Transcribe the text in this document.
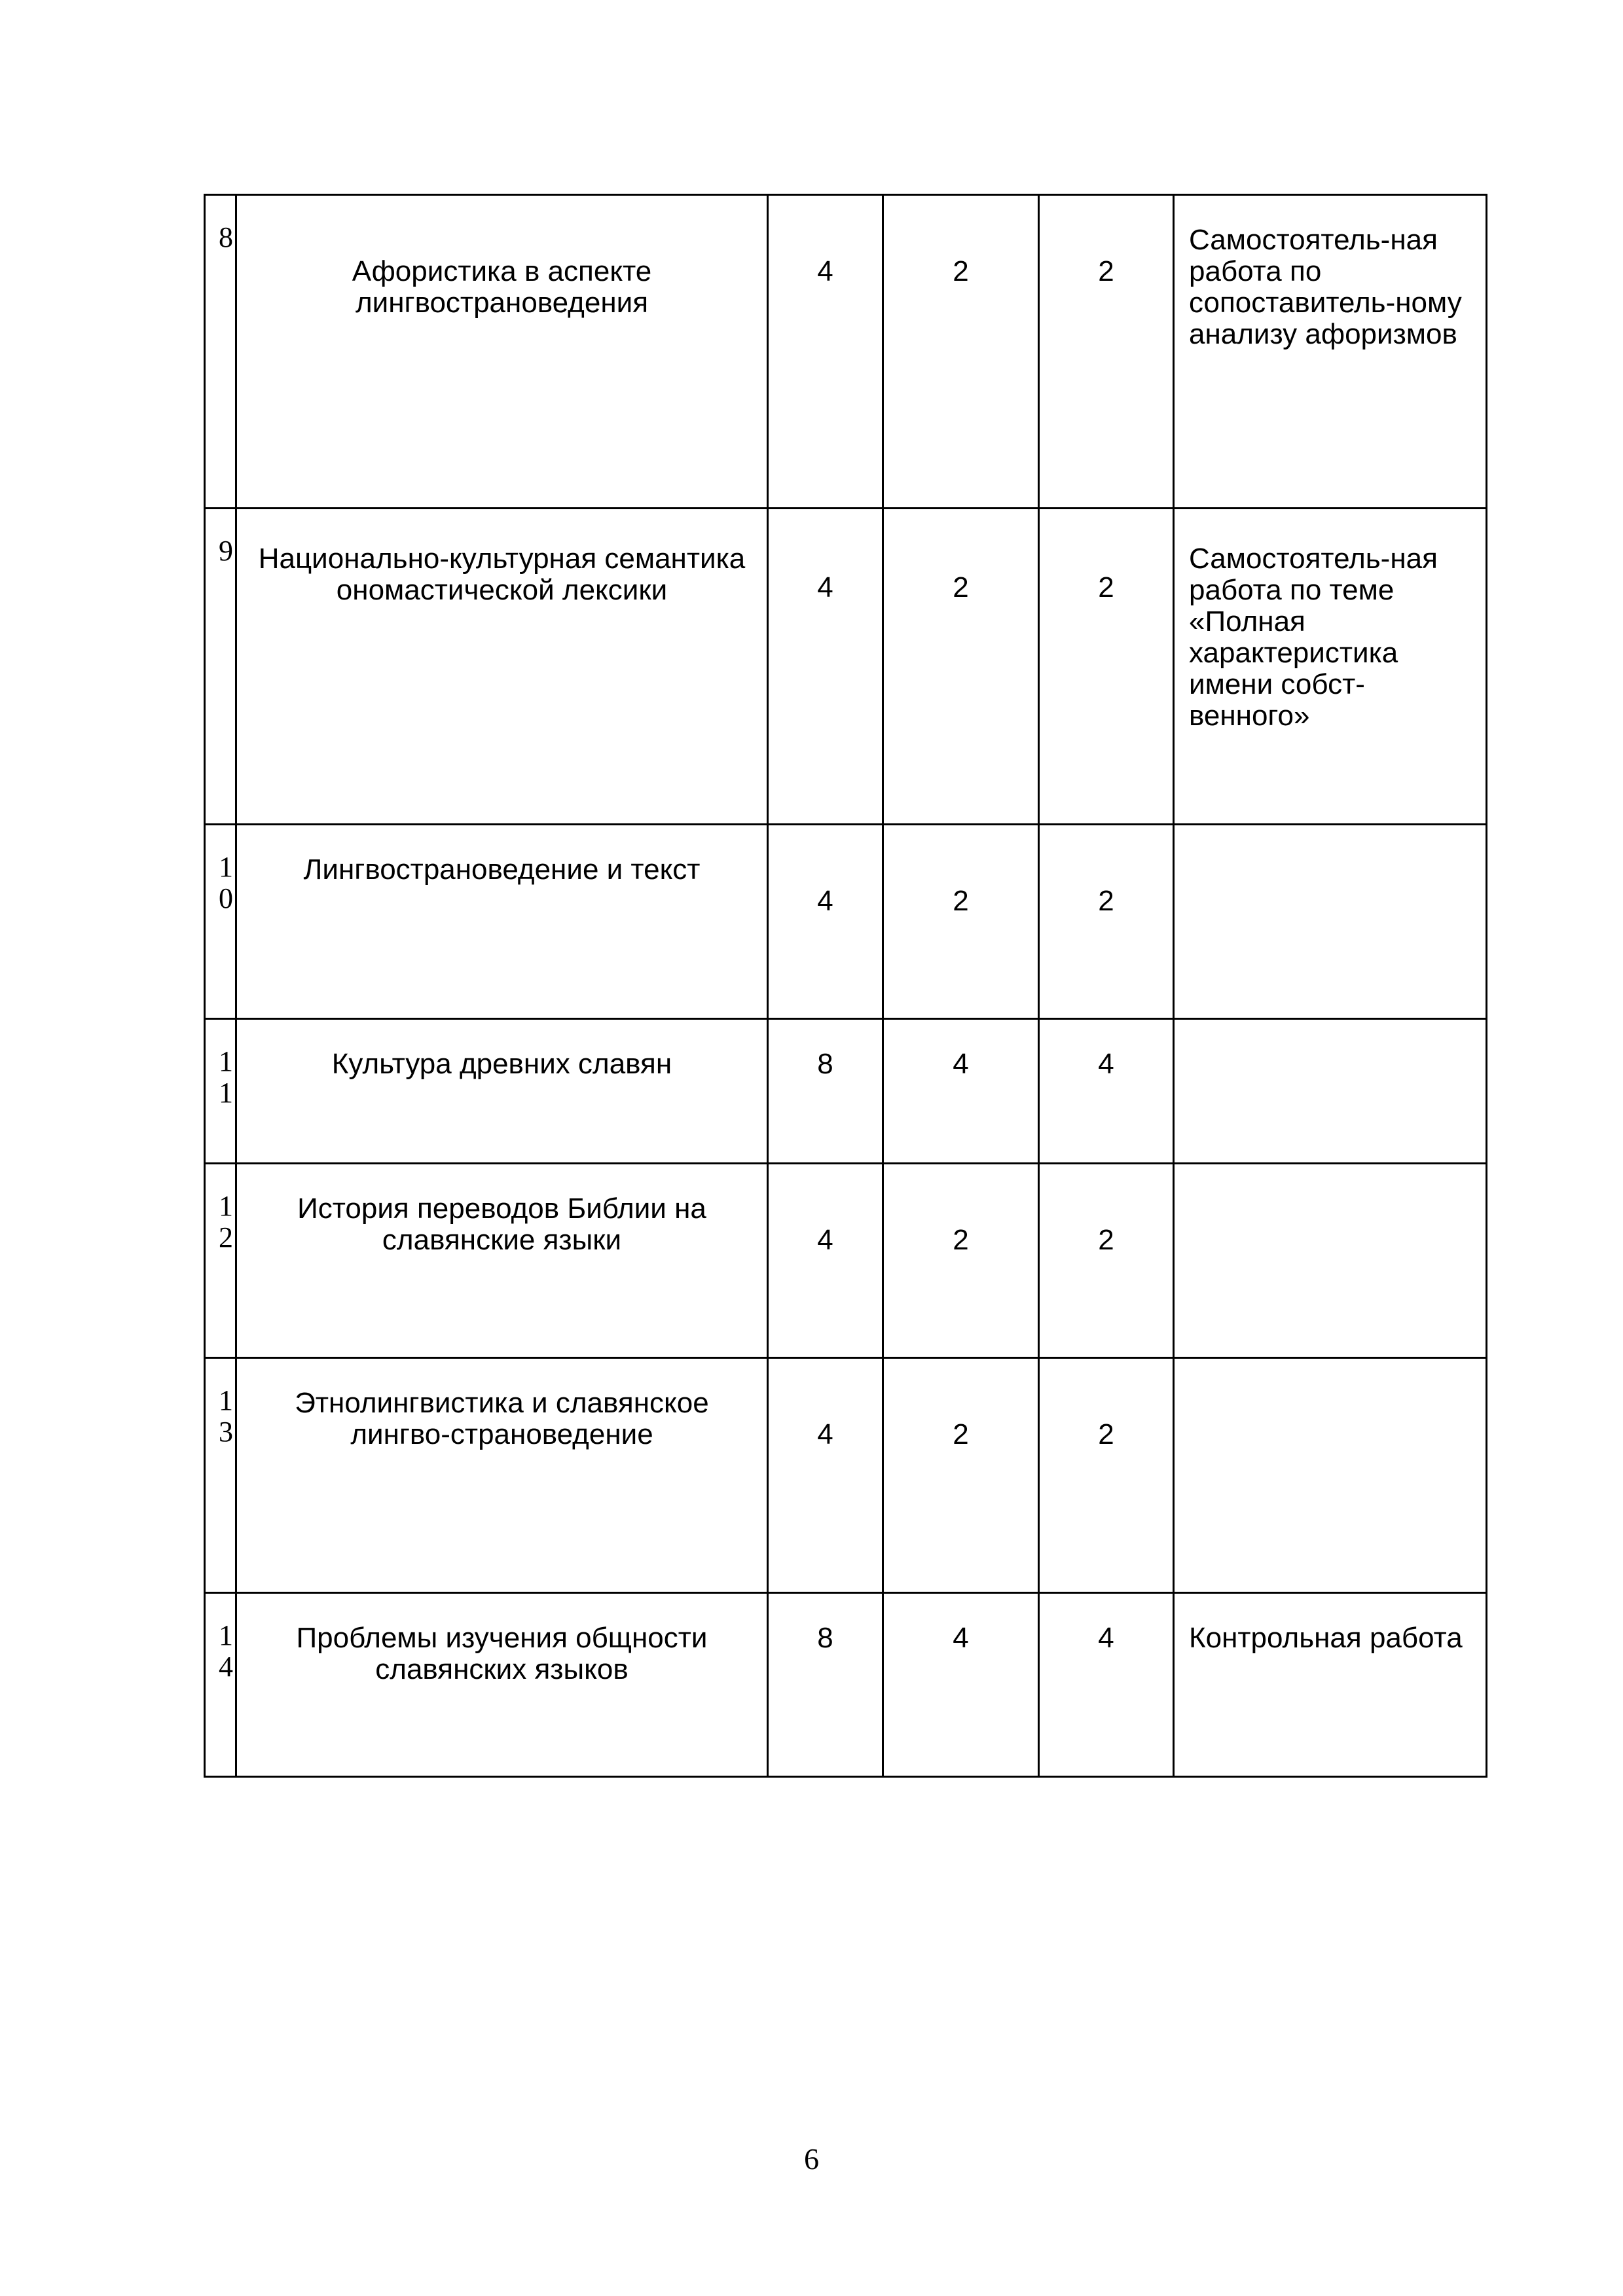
8	Афористика в аспекте лингвострановедения	4	2	2	Самостоятель-ная работа по сопоставитель-ному анализу афоризмов

9	Национально-культурная семантика ономастической лексики	4	2	2	Самостоятель-ная работа по теме «Полная характеристика имени собст-венного»

10	Лингвострановедение и текст	4	2	2	

11	Культура древних славян	8	4	4	

12	История переводов Библии на славянские языки	4	2	2	

13	Этнолингвистика и славянское лингво-страноведение	4	2	2	

14	Проблемы изучения общности славянских языков	8	4	4	Контрольная работа
6
